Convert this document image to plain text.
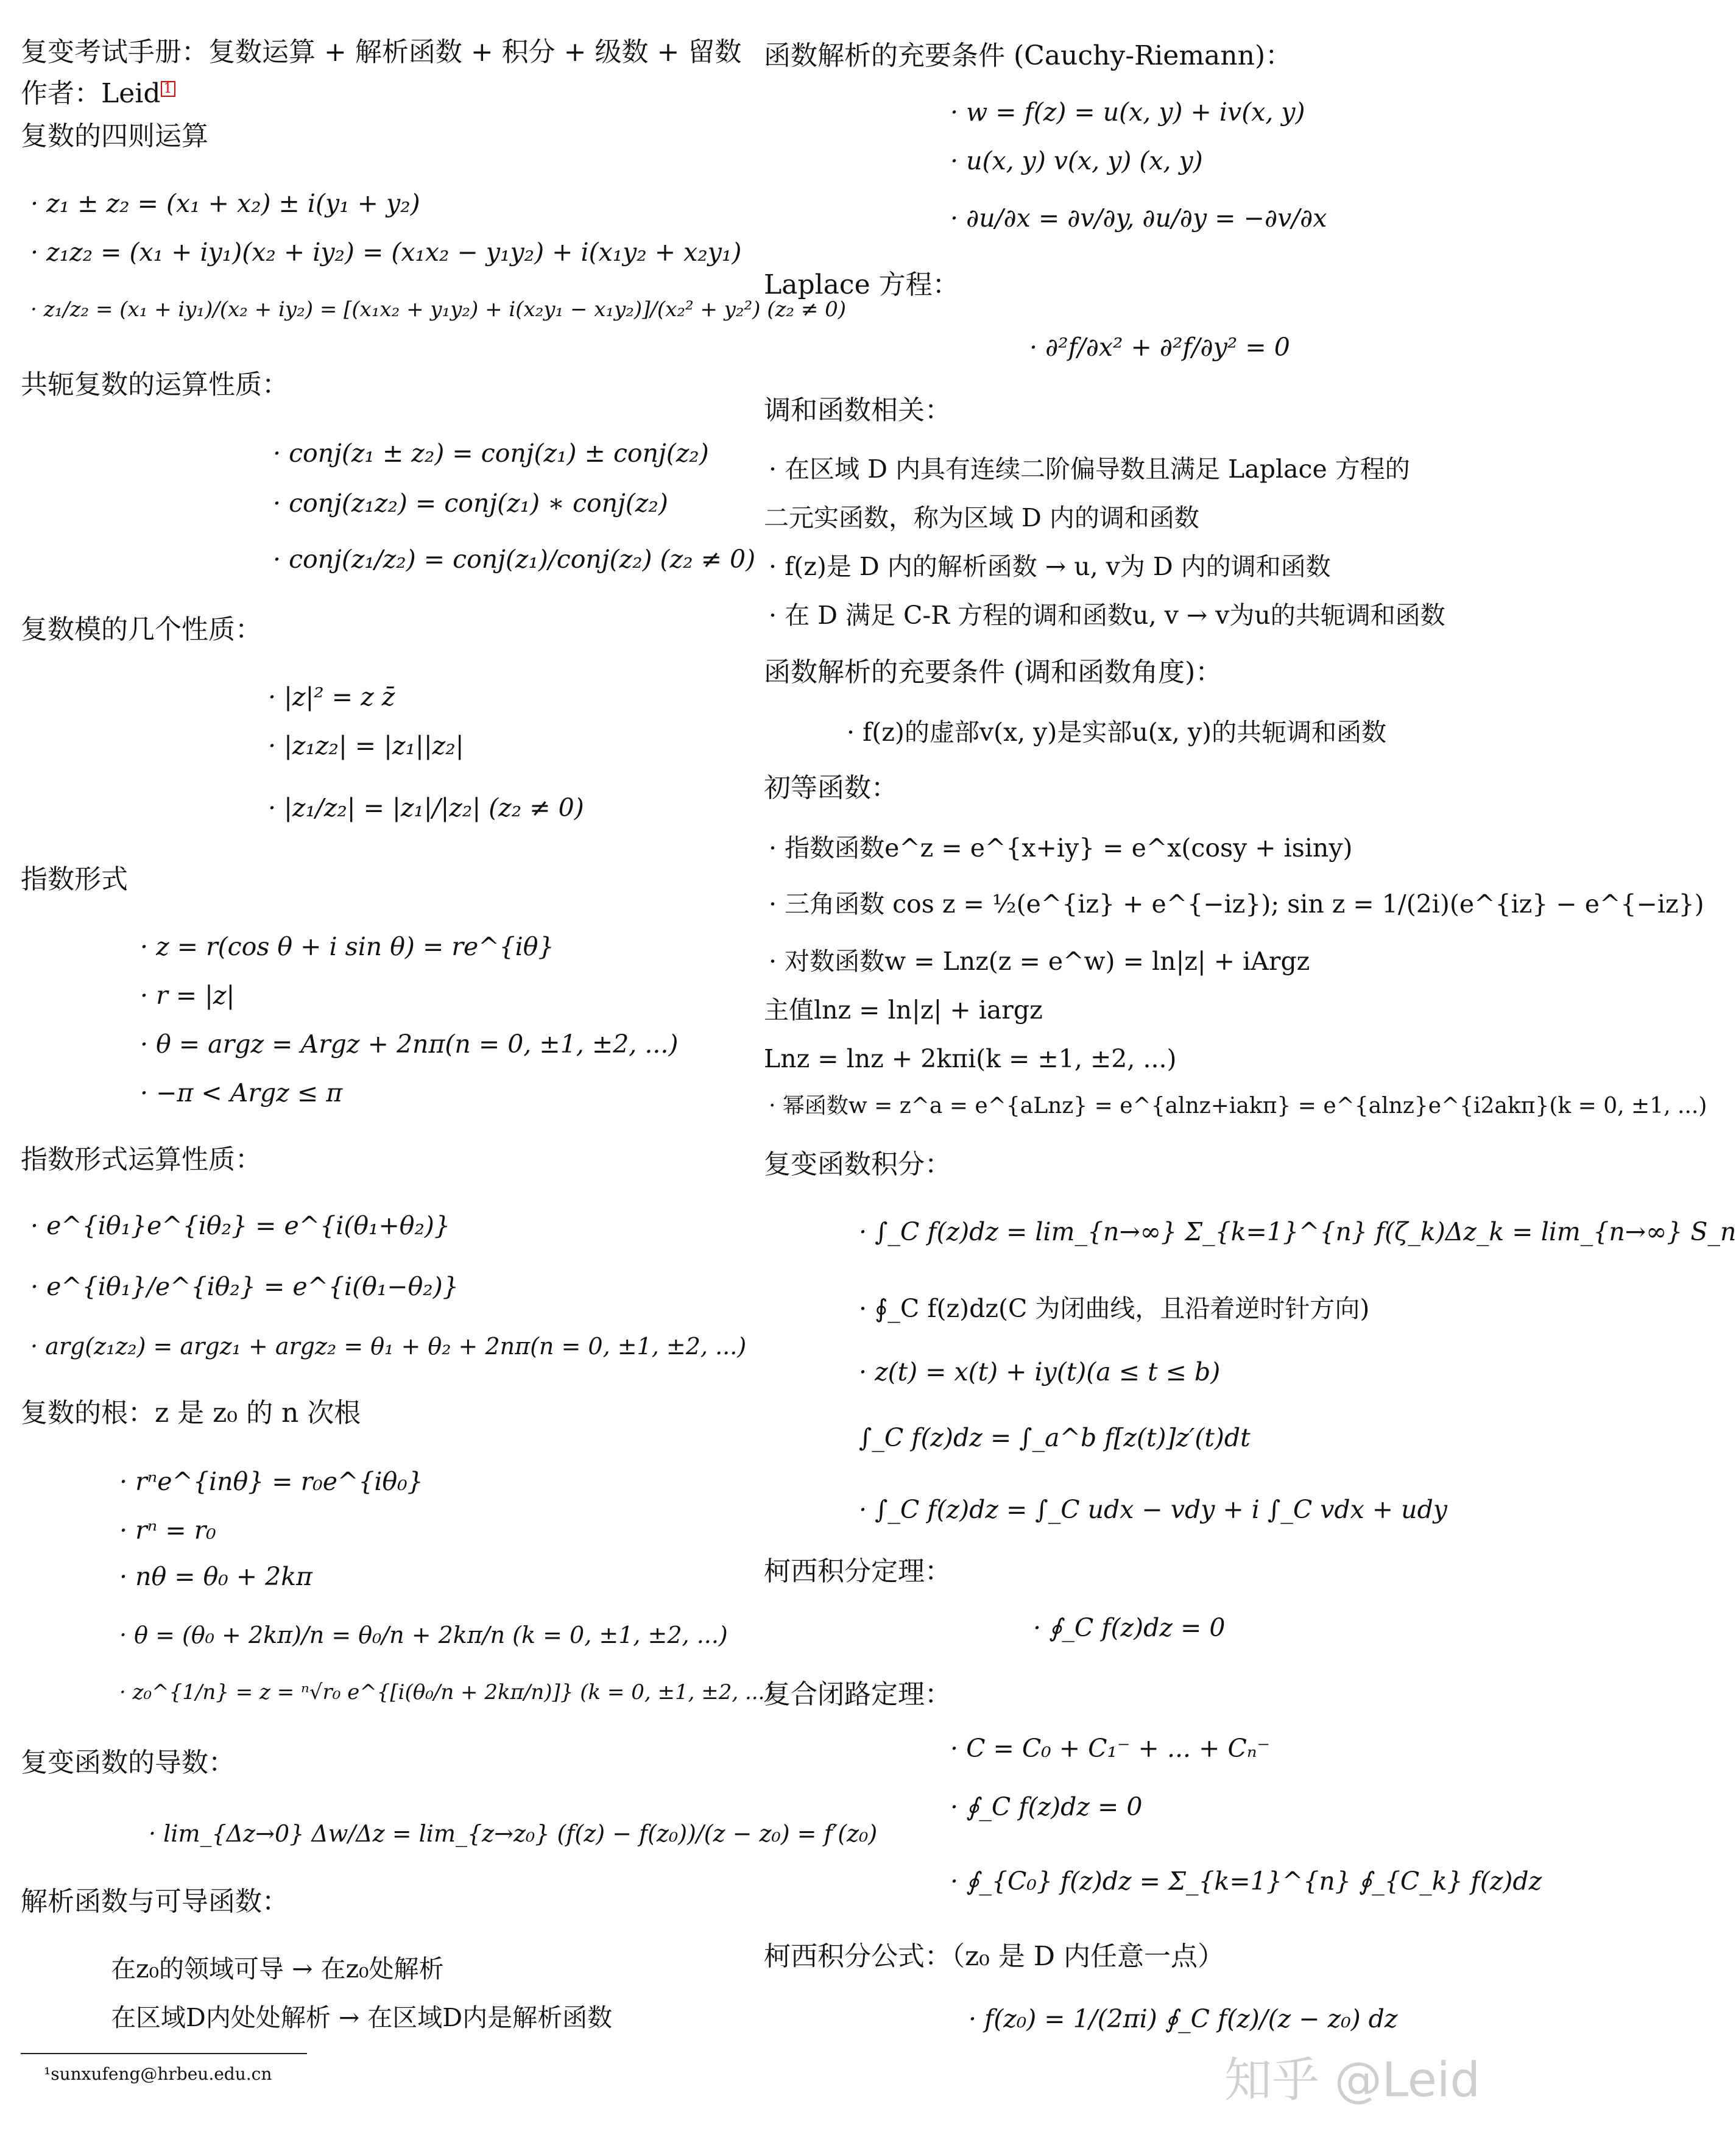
复变考试手册：复数运算 + 解析函数 + 积分 + 级数 + 留数
作者：Leid 1
复数的四则运算
· z₁ ± z₂ = (x₁ + x₂) ± i(y₁ + y₂)
· z₁z₂ = (x₁ + iy₁)(x₂ + iy₂) = (x₁x₂ − y₁y₂) + i(x₁y₂ + x₂y₁)
· z₁/z₂ = (x₁ + iy₁)/(x₂ + iy₂) = [(x₁x₂ + y₁y₂) + i(x₂y₁ − x₁y₂)]/(x₂² + y₂²) (z₂ ≠ 0)
共轭复数的运算性质：
· conj(z₁ ± z₂) = conj(z₁) ± conj(z₂)
· conj(z₁z₂) = conj(z₁) ∗ conj(z₂)
· conj(z₁/z₂) = conj(z₁)/conj(z₂) (z₂ ≠ 0)
复数模的几个性质：
· |z|² = z z̄
· |z₁z₂| = |z₁||z₂|
· |z₁/z₂| = |z₁|/|z₂| (z₂ ≠ 0)
指数形式
· z = r(cos θ + i sin θ) = re^{iθ}
· r = |z|
· θ = argz = Argz + 2nπ(n = 0, ±1, ±2, ...)
· −π < Argz ≤ π
指数形式运算性质：
· e^{iθ₁}e^{iθ₂} = e^{i(θ₁+θ₂)}
· e^{iθ₁}/e^{iθ₂} = e^{i(θ₁−θ₂)}
· arg(z₁z₂) = argz₁ + argz₂ = θ₁ + θ₂ + 2nπ(n = 0, ±1, ±2, ...)
复数的根：z 是 z₀ 的 n 次根
· rⁿe^{inθ} = r₀e^{iθ₀}
· rⁿ = r₀
· nθ = θ₀ + 2kπ
· θ = (θ₀ + 2kπ)/n = θ₀/n + 2kπ/n (k = 0, ±1, ±2, ...)
· z₀^{1/n} = z = ⁿ√r₀ e^{[i(θ₀/n + 2kπ/n)]} (k = 0, ±1, ±2, ...)
复变函数的导数：
· lim_{Δz→0} Δw/Δz = lim_{z→z₀} (f(z) − f(z₀))/(z − z₀) = f′(z₀)
解析函数与可导函数：
在z₀的领域可导 → 在z₀处解析
在区域D内处处解析 → 在区域D内是解析函数
¹sunxufeng@hrbeu.edu.cn
函数解析的充要条件 (Cauchy-Riemann)：
· w = f(z) = u(x, y) + iv(x, y)
· u(x, y) v(x, y) (x, y)
· ∂u/∂x = ∂v/∂y, ∂u/∂y = −∂v/∂x
Laplace 方程：
· ∂²f/∂x² + ∂²f/∂y² = 0
调和函数相关：
· 在区域 D 内具有连续二阶偏导数且满足 Laplace 方程的
二元实函数，称为区域 D 内的调和函数
· f(z)是 D 内的解析函数 → u, v为 D 内的调和函数
· 在 D 满足 C-R 方程的调和函数u, v → v为u的共轭调和函数
函数解析的充要条件 (调和函数角度)：
· f(z)的虚部v(x, y)是实部u(x, y)的共轭调和函数
初等函数：
· 指数函数e^z = e^{x+iy} = e^x(cosy + isiny)
· 三角函数 cos z = ½(e^{iz} + e^{−iz}); sin z = 1/(2i)(e^{iz} − e^{−iz})
· 对数函数w = Lnz(z = e^w) = ln|z| + iArgz
主值lnz = ln|z| + iargz
Lnz = lnz + 2kπi(k = ±1, ±2, ...)
· 幂函数w = z^a = e^{aLnz} = e^{alnz+iakπ} = e^{alnz}e^{i2akπ}(k = 0, ±1, ...)
复变函数积分：
· ∫_C f(z)dz = lim_{n→∞} Σ_{k=1}^{n} f(ζ_k)Δz_k = lim_{n→∞} S_n
· ∮_C f(z)dz(C 为闭曲线，且沿着逆时针方向)
· z(t) = x(t) + iy(t)(a ≤ t ≤ b)
∫_C f(z)dz = ∫_a^b f[z(t)]z′(t)dt
· ∫_C f(z)dz = ∫_C udx − vdy + i ∫_C vdx + udy
柯西积分定理：
· ∮_C f(z)dz = 0
复合闭路定理：
· C = C₀ + C₁⁻ + ... + Cₙ⁻
· ∮_C f(z)dz = 0
· ∮_{C₀} f(z)dz = Σ_{k=1}^{n} ∮_{C_k} f(z)dz
柯西积分公式：（z₀ 是 D 内任意一点）
· f(z₀) = 1/(2πi) ∮_C f(z)/(z − z₀) dz
知乎 @Leid
